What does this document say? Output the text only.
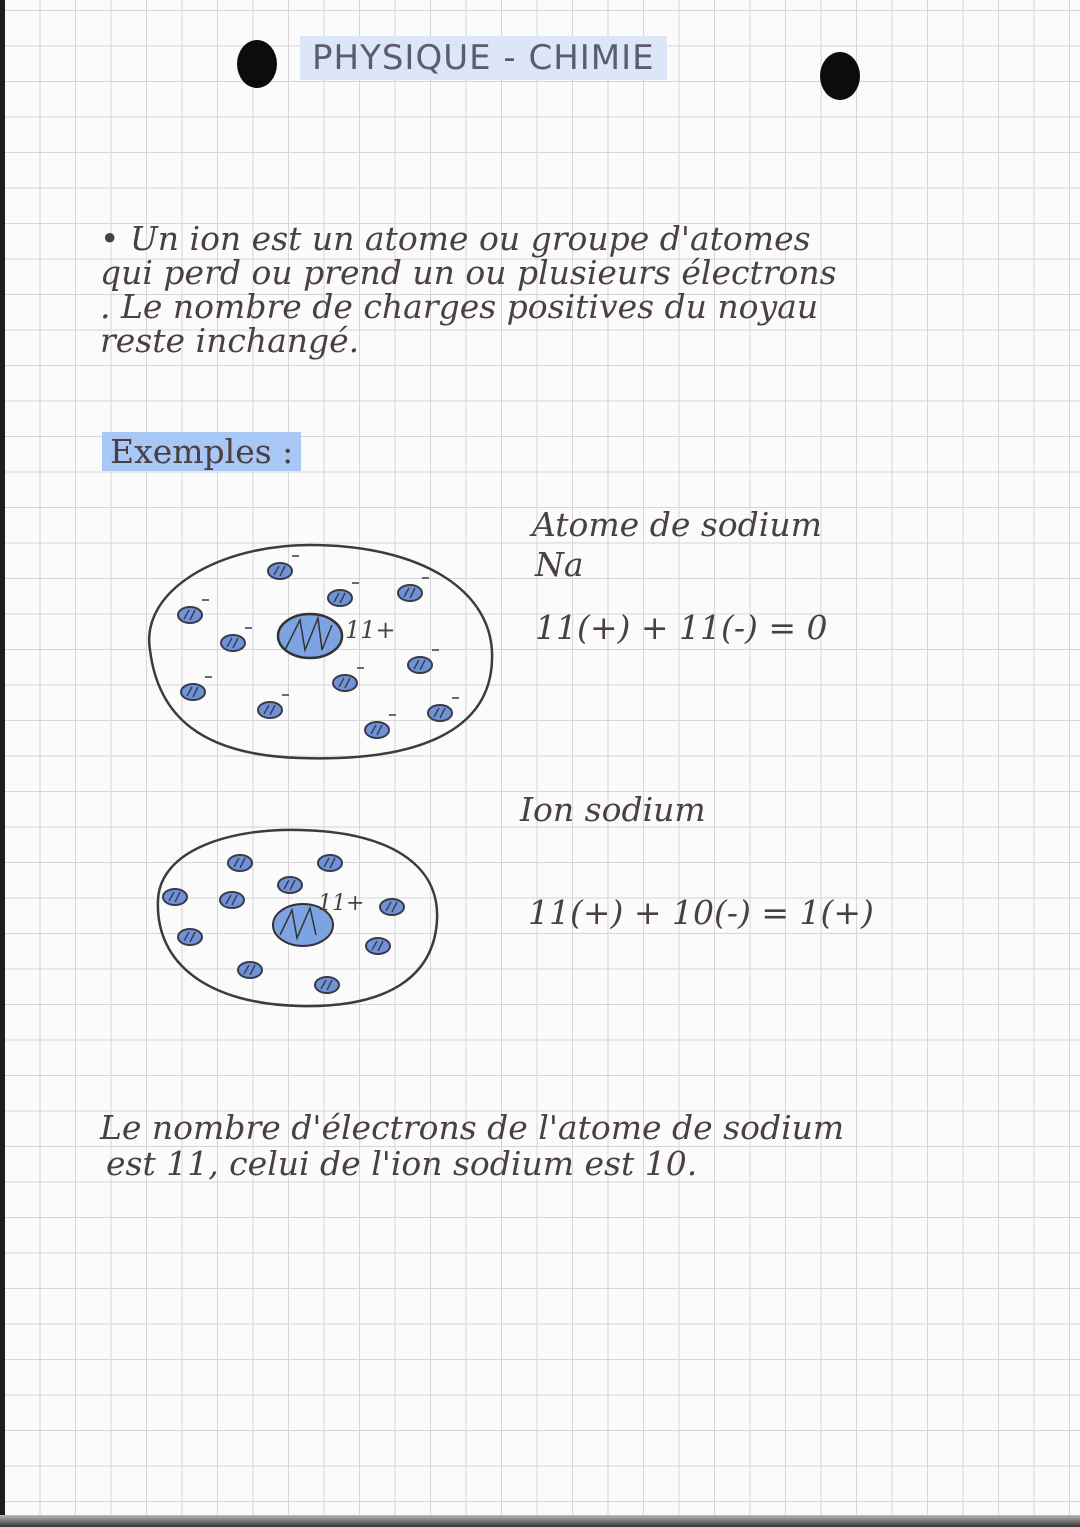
PHYSIQUE - CHIMIE
• Un ion est un atome ou groupe d'atomes
qui perd ou prend un ou plusieurs électrons
. Le nombre de charges positives du noyau
reste inchangé.
Exemples :
Atome de sodium
Na
11(+) + 11(-) = 0
Ion sodium
11(+) + 10(-) = 1(+)
11+
11+
Le nombre d'électrons de l'atome de sodium
est 11, celui de l'ion sodium est 10.
